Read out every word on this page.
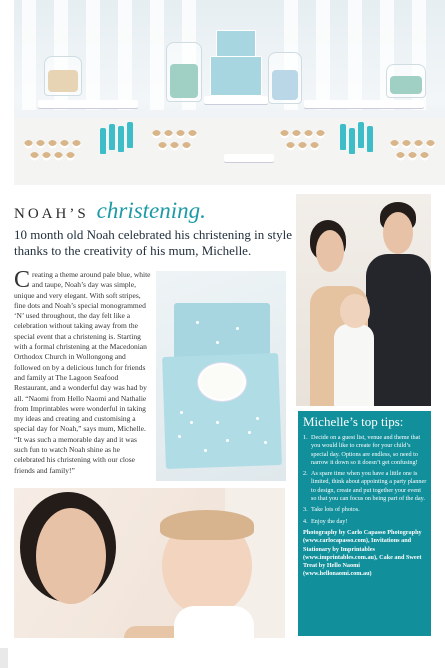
NOAH’S christening.
10 month old Noah celebrated his christening in style thanks to the creativity of his mum, Michelle.
Creating a theme around pale blue, white and taupe, Noah’s day was simple, unique and very elegant. With soft stripes, fine dots and Noah’s special monogrammed ‘N’ used throughout, the day felt like a celebration without taking away from the special event that a christening is. Starting with a formal christening at the Macedonian Orthodox Church in Wollongong and followed on by a delicious lunch for friends and family at The Lagoon Seafood Restaurant, and a wonderful day was had by all. “Naomi from Hello Naomi and Nathalie from Imprintables were wonderful in taking my ideas and creating and customising a special day for Noah,” says mum, Michelle. “It was such a memorable day and it was such fun to watch Noah shine as he celebrated his christening with our close friends and family!”
Michelle’s top tips:
1. Decide on a guest list, venue and theme that you would like to create for your child’s special day. Options are endless, so need to narrow it down so it doesn’t get confusing!
2. As spare time when you have a little one is limited, think about appointing a party planner to design, create and put together your event so that you can focus on being part of the day.
3. Take lots of photos.
4. Enjoy the day!
Photography by Carlo Capasso Photography (www.carlocapasso.com), Invitations and Stationary by Imprintables (www.imprintables.com.au), Cake and Sweet Treat by Hello Naomi (www.hellonaomi.com.au)
